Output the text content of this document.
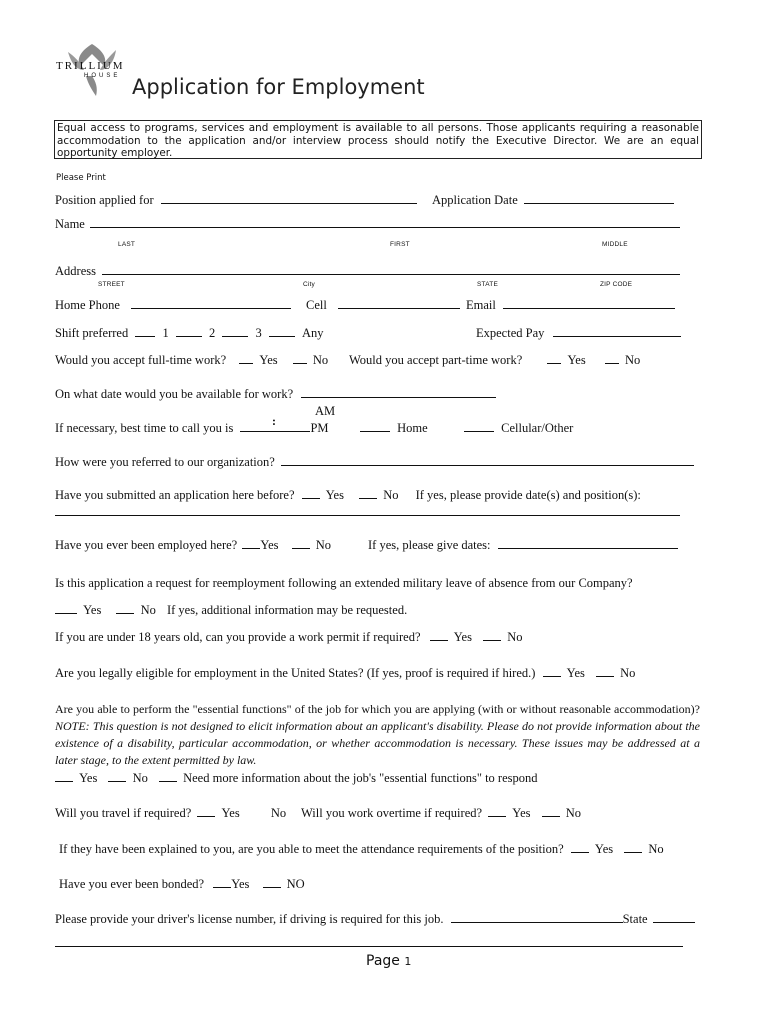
TRILLIUM
HOUSE Application for Employment
Equal access to programs, services and employment is available to all persons. Those applicants requiring a reasonable accommodation to the application and/or interview process should notify the Executive Director. We are an equal opportunity employer.
Please Print
Position applied for	Application Date
Name
LAST	FIRST	MIDDLE
Address
STREET	City	STATE	ZIP CODE
Home Phone	Cell	Email
Shift preferred	1	2	3	Any	Expected Pay
Would you accept full-time work?	Yes	No Would you accept part-time work?	Yes	No
On what date would you be available for work?
AM
If necessary, best time to call you is	PM
:	Home	Cellular/Other
How were you referred to our organization?
Have you submitted an application here before?	Yes	No If yes, please provide date(s) and position(s):
Have you ever been employed here? Yes	No	If yes, please give dates:
Is this application a request for reemployment following an extended military leave of absence from our Company?
Yes	No If yes, additional information may be requested.
If you are under 18 years old, can you provide a work permit if required?	Yes	No
Are you legally eligible for employment in the United States? (If yes, proof is required if hired.)	Yes	No
Are you able to perform the "essential functions" of the job for which you are applying (with or without reasonable accommodation)? NOTE: This question is not designed to elicit information about an applicant's disability. Please do not provide information about the existence of a disability, particular accommodation, or whether accommodation is necessary. These issues may be addressed at a later stage, to the extent permitted by law.
Yes	No	Need more information about the job's "essential functions" to respond
Will you travel if required? Yes No Will you work overtime if required? Yes	No
If they have been explained to you, are you able to meet the attendance requirements of the position?	Yes	No
Have you ever been bonded? Yes	NO
Please provide your driver's license number, if driving is required for this job.	State
Page 1
